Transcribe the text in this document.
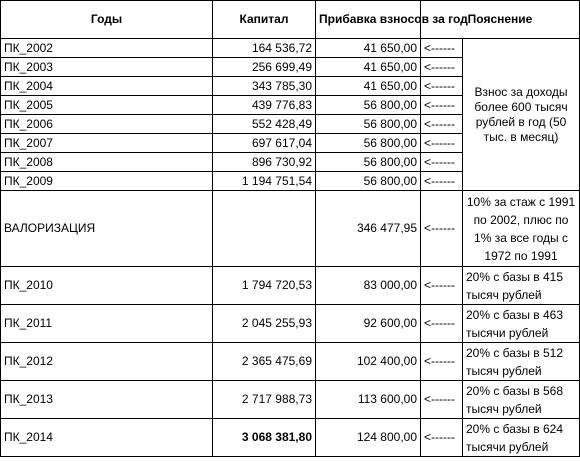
Годы	Капитал	Прибавка взносов за год	Пояснение	
ПК_2002	164 536,72	41 650,00	<------	Взнос за доходы более 600 тысяч рублей в год (50 тыс. в месяц)
ПК_2003	256 699,49	41 650,00	<------	
ПК_2004	343 785,30	41 650,00	<------	
ПК_2005	439 776,83	56 800,00	<------	
ПК_2006	552 428,49	56 800,00	<------	
ПК_2007	697 617,04	56 800,00	<------	
ПК_2008	896 730,92	56 800,00	<------	
ПК_2009	1 194 751,54	56 800,00	<------	
ВАЛОРИЗАЦИЯ		346 477,95	<------	10% за стаж с 1991 по 2002, плюс по 1% за все годы с 1972 по 1991
ПК_2010	1 794 720,53	83 000,00	<------	20% с базы в 415 тысяч рублей
ПК_2011	2 045 255,93	92 600,00	<------	20% с базы в 463 тысячи рублей
ПК_2012	2 365 475,69	102 400,00	<------	20% с базы в 512 тысяч рублей
ПК_2013	2 717 988,73	113 600,00	<------	20% с базы в 568 тысяч рублей
ПК_2014	3 068 381,80	124 800,00	<------	20% с базы в 624 тысячи рублей
